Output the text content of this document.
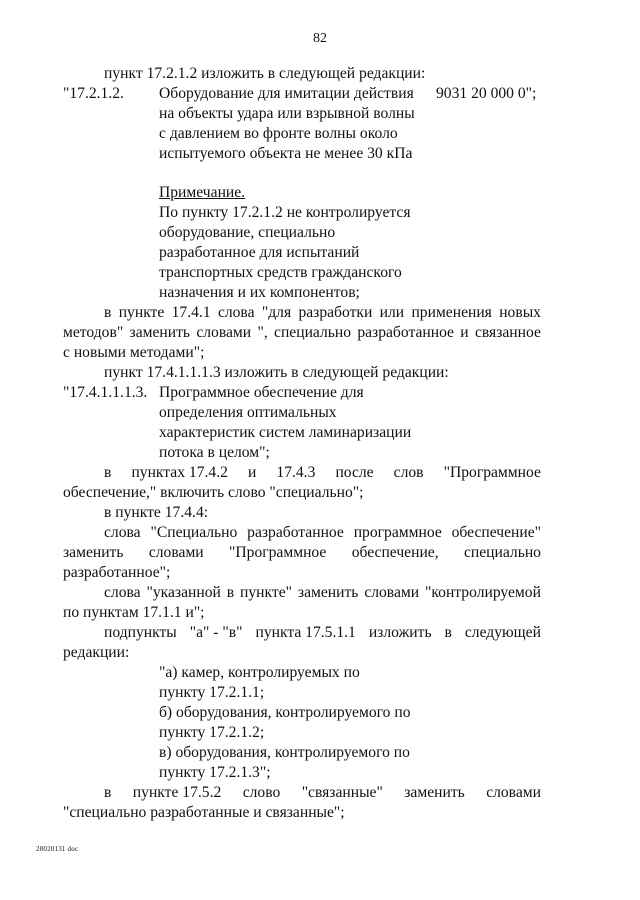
82
пункт 17.2.1.2 изложить в следующей редакции:
"17.2.1.2. Оборудование для имитации действия 9031 20 000 0";
на объекты удара или взрывной волны
с давлением во фронте волны около
испытуемого объекта не менее 30 кПа
Примечание.
По пункту 17.2.1.2 не контролируется
оборудование, специально
разработанное для испытаний
транспортных средств гражданского
назначения и их компонентов;
в пункте 17.4.1 слова "для разработки или применения новых
методов" заменить словами ", специально разработанное и связанное
с новыми методами";
пункт 17.4.1.1.1.3 изложить в следующей редакции:
"17.4.1.1.1.3. Программное обеспечение для
определения оптимальных
характеристик систем ламинаризации
потока в целом";
в пунктах 17.4.2 и 17.4.3 после слов "Программное
обеспечение," включить слово "специально";
в пункте 17.4.4:
слова "Специально разработанное программное обеспечение"
заменить словами "Программное обеспечение, специально
разработанное";
слова "указанной в пункте" заменить словами "контролируемой
по пунктам 17.1.1 и";
подпункты "а" - "в" пункта 17.5.1.1 изложить в следующей
редакции:
"а) камер, контролируемых по
пункту 17.2.1.1;
б) оборудования, контролируемого по
пункту 17.2.1.2;
в) оборудования, контролируемого по
пункту 17.2.1.3";
в пункте 17.5.2 слово "связанные" заменить словами
"специально разработанные и связанные";
28020131 doc
